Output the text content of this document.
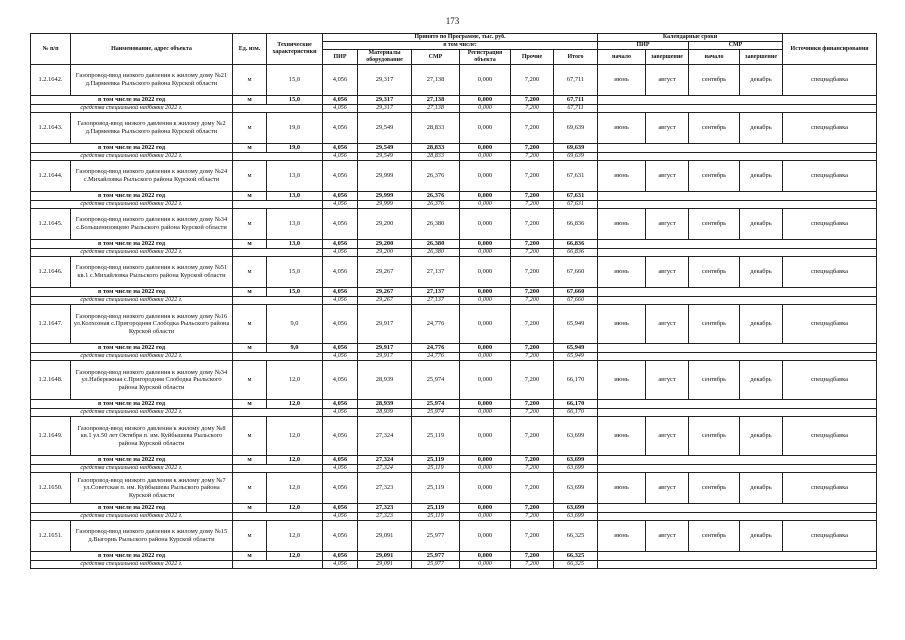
173
№ п/п	Наименование, адрес объекта	Ед. изм.	Технические характеристики	Принято по Программе, тыс. руб.						Календарные сроки				Источники финансирования
				в том числе:						ПИР		СМР		
				ПИР	Материалы оборудование	СМР	Регистрация объекта	Прочие	Итого	начало	завершение	начало	завершение	
1.2.1642.	Газопровод-ввод низкого давления к жилому дому №21 д.Пармеевка Рыльского района Курской области	м	15,0	4,056	29,317	27,138	0,000	7,200	67,711	июнь	август	сентябрь	декабрь	спецнадбавка
в том числе на 2022 год		м	15,0	4,056	29,317	27,138	0,000	7,200	67,711					
средства специальной надбавки 2022 г.				4,056	29,317	27,138	0,000	7,200	67,711					
1.2.1643.	Газопровод-ввод низкого давления к жилому дому №2 д.Пармеевка Рыльского района Курской области	м	19,0	4,056	29,549	28,833	0,000	7,200	69,639	июнь	август	сентябрь	декабрь	спецнадбавка
в том числе на 2022 год		м	19,0	4,056	29,549	28,833	0,000	7,200	69,639					
средства специальной надбавки 2022 г.				4,056	29,549	28,833	0,000	7,200	69,639					
1.2.1644.	Газопровод-ввод низкого давления к жилому дому №24 с.Михайловка Рыльского района Курской области	м	13,0	4,056	29,999	26,376	0,000	7,200	67,631	июнь	август	сентябрь	декабрь	спецнадбавка
в том числе на 2022 год		м	13,0	4,056	29,999	26,376	0,000	7,200	67,631					
средства специальной надбавки 2022 г.				4,056	29,999	26,376	0,000	7,200	67,631					
1.2.1645.	Газопровод-ввод низкого давления к жилому дому №34 с.Большенизовцево Рыльского района Курской области	м	13,0	4,056	29,200	26,380	0,000	7,200	66,836	июнь	август	сентябрь	декабрь	спецнадбавка
в том числе на 2022 год		м	13,0	4,056	29,200	26,380	0,000	7,200	66,836					
средства специальной надбавки 2022 г.				4,056	29,200	26,380	0,000	7,200	66,836					
1.2.1646.	Газопровод-ввод низкого давления к жилому дому №51 кв.1 с.Михайловка Рыльского района Курской области	м	15,0	4,056	29,267	27,137	0,000	7,200	67,660	июнь	август	сентябрь	декабрь	спецнадбавка
в том числе на 2022 год		м	15,0	4,056	29,267	27,137	0,000	7,200	67,660					
средства специальной надбавки 2022 г.				4,056	29,267	27,137	0,000	7,200	67,660					
1.2.1647.	Газопровод-ввод низкого давления к жилому дому №16 ул.Колхозная с.Пригородняя Слободка Рыльского района Курской области	м	9,0	4,056	29,917	24,776	0,000	7,200	65,949	июнь	август	сентябрь	декабрь	спецнадбавка
в том числе на 2022 год		м	9,0	4,056	29,917	24,776	0,000	7,200	65,949					
средства специальной надбавки 2022 г.				4,056	29,917	24,776	0,000	7,200	65,949					
1.2.1648.	Газопровод-ввод низкого давления к жилому дому №34 ул.Набережная с.Пригородняя Слободка Рыльского района Курской области	м	12,0	4,056	28,939	25,974	0,000	7,200	66,170	июнь	август	сентябрь	декабрь	спецнадбавка
в том числе на 2022 год		м	12,0	4,056	28,939	25,974	0,000	7,200	66,170					
средства специальной надбавки 2022 г.				4,056	28,939	25,974	0,000	7,200	66,170					
1.2.1649.	Газопровод-ввод низкого давления к жилому дому №8 кв.1 ул.50 лет Октября п. им. Куйбышева Рыльского района Курской области	м	12,0	4,056	27,324	25,119	0,000	7,200	63,699	июнь	август	сентябрь	декабрь	спецнадбавка
в том числе на 2022 год		м	12,0	4,056	27,324	25,119	0,000	7,200	63,699					
средства специальной надбавки 2022 г.				4,056	27,324	25,119	0,000	7,200	63,699					
1.2.1650.	Газопровод-ввод низкого давления к жилому дому №7 ул.Советская п. им. Куйбышева Рыльского района Курской области	м	12,0	4,056	27,323	25,119	0,000	7,200	63,699	июнь	август	сентябрь	декабрь	спецнадбавка
в том числе на 2022 год		м	12,0	4,056	27,323	25,119	0,000	7,200	63,699					
средства специальной надбавки 2022 г.				4,056	27,323	25,119	0,000	7,200	63,699					
1.2.1651.	Газопровод-ввод низкого давления к жилому дому №15 д.Выгорнь Рыльского района Курской области	м	12,0	4,056	29,091	25,977	0,000	7,200	66,325	июнь	август	сентябрь	декабрь	спецнадбавка
в том числе на 2022 год		м	12,0	4,056	29,091	25,977	0,000	7,200	66,325					
средства специальной надбавки 2022 г.				4,056	29,091	25,977	0,000	7,200	66,325					
